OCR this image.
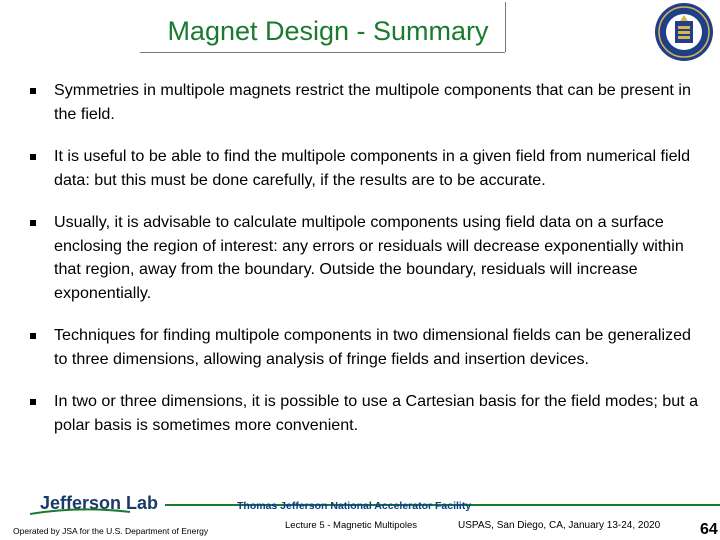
Magnet Design - Summary
Symmetries in multipole magnets restrict the multipole components that can be present in the field.
It is useful to be able to find the multipole components in a given field from numerical field data: but this must be done carefully, if the results are to be accurate.
Usually, it is advisable to calculate multipole components using field data on a surface enclosing the region of interest: any errors or residuals will decrease exponentially within that region, away from the boundary. Outside the boundary, residuals will increase exponentially.
Techniques for finding multipole components in two dimensional fields can be generalized to three dimensions, allowing analysis of fringe fields and insertion devices.
In two or three dimensions, it is possible to use a Cartesian basis for the field modes; but a polar basis is sometimes more convenient.
Jefferson Lab	Thomas Jefferson National Accelerator Facility
Operated by JSA for the U.S. Department of Energy	Lecture 5 - Magnetic Multipoles	USPAS, San Diego, CA, January 13-24, 2020 64
